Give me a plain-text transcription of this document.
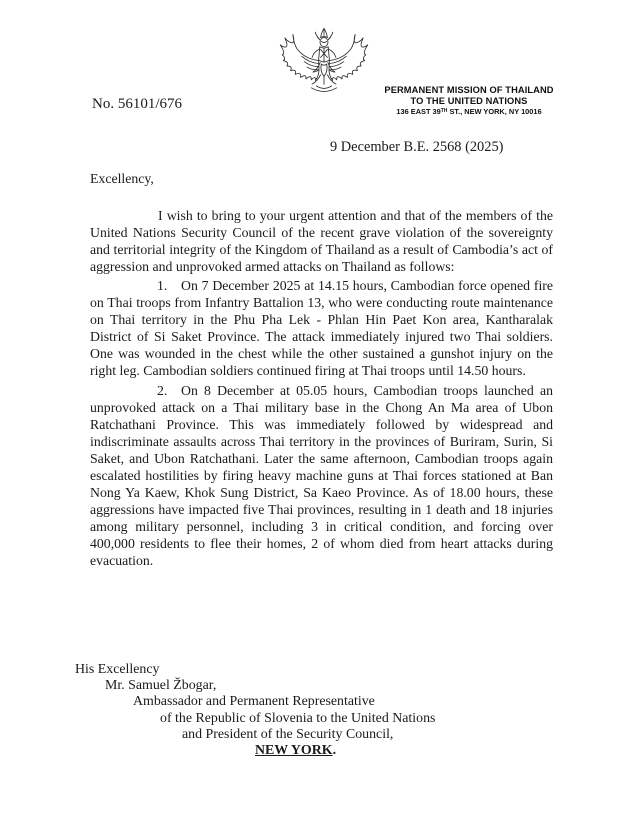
No. 56101/676
PERMANENT MISSION OF THAILAND
TO THE UNITED NATIONS
136 EAST 39TH ST., NEW YORK, NY 10016
9 December B.E. 2568 (2025)

Excellency,

I wish to bring to your urgent attention and that of the members of the United Nations Security Council of the recent grave violation of the sovereignty and territorial integrity of the Kingdom of Thailand as a result of Cambodia’s act of aggression and unprovoked armed attacks on Thailand as follows:

1. On 7 December 2025 at 14.15 hours, Cambodian force opened fire on Thai troops from Infantry Battalion 13, who were conducting route maintenance on Thai territory in the Phu Pha Lek - Phlan Hin Paet Kon area, Kantharalak District of Si Saket Province. The attack immediately injured two Thai soldiers. One was wounded in the chest while the other sustained a gunshot injury on the right leg. Cambodian soldiers continued firing at Thai troops until 14.50 hours.

2. On 8 December at 05.05 hours, Cambodian troops launched an unprovoked attack on a Thai military base in the Chong An Ma area of Ubon Ratchathani Province. This was immediately followed by widespread and indiscriminate assaults across Thai territory in the provinces of Buriram, Surin, Si Saket, and Ubon Ratchathani. Later the same afternoon, Cambodian troops again escalated hostilities by firing heavy machine guns at Thai forces stationed at Ban Nong Ya Kaew, Khok Sung District, Sa Kaeo Province. As of 18.00 hours, these aggressions have impacted five Thai provinces, resulting in 1 death and 18 injuries among military personnel, including 3 in critical condition, and forcing over 400,000 residents to flee their homes, 2 of whom died from heart attacks during evacuation.

His Excellency
Mr. Samuel Žbogar,
Ambassador and Permanent Representative
of the Republic of Slovenia to the United Nations
and President of the Security Council,
NEW YORK.
